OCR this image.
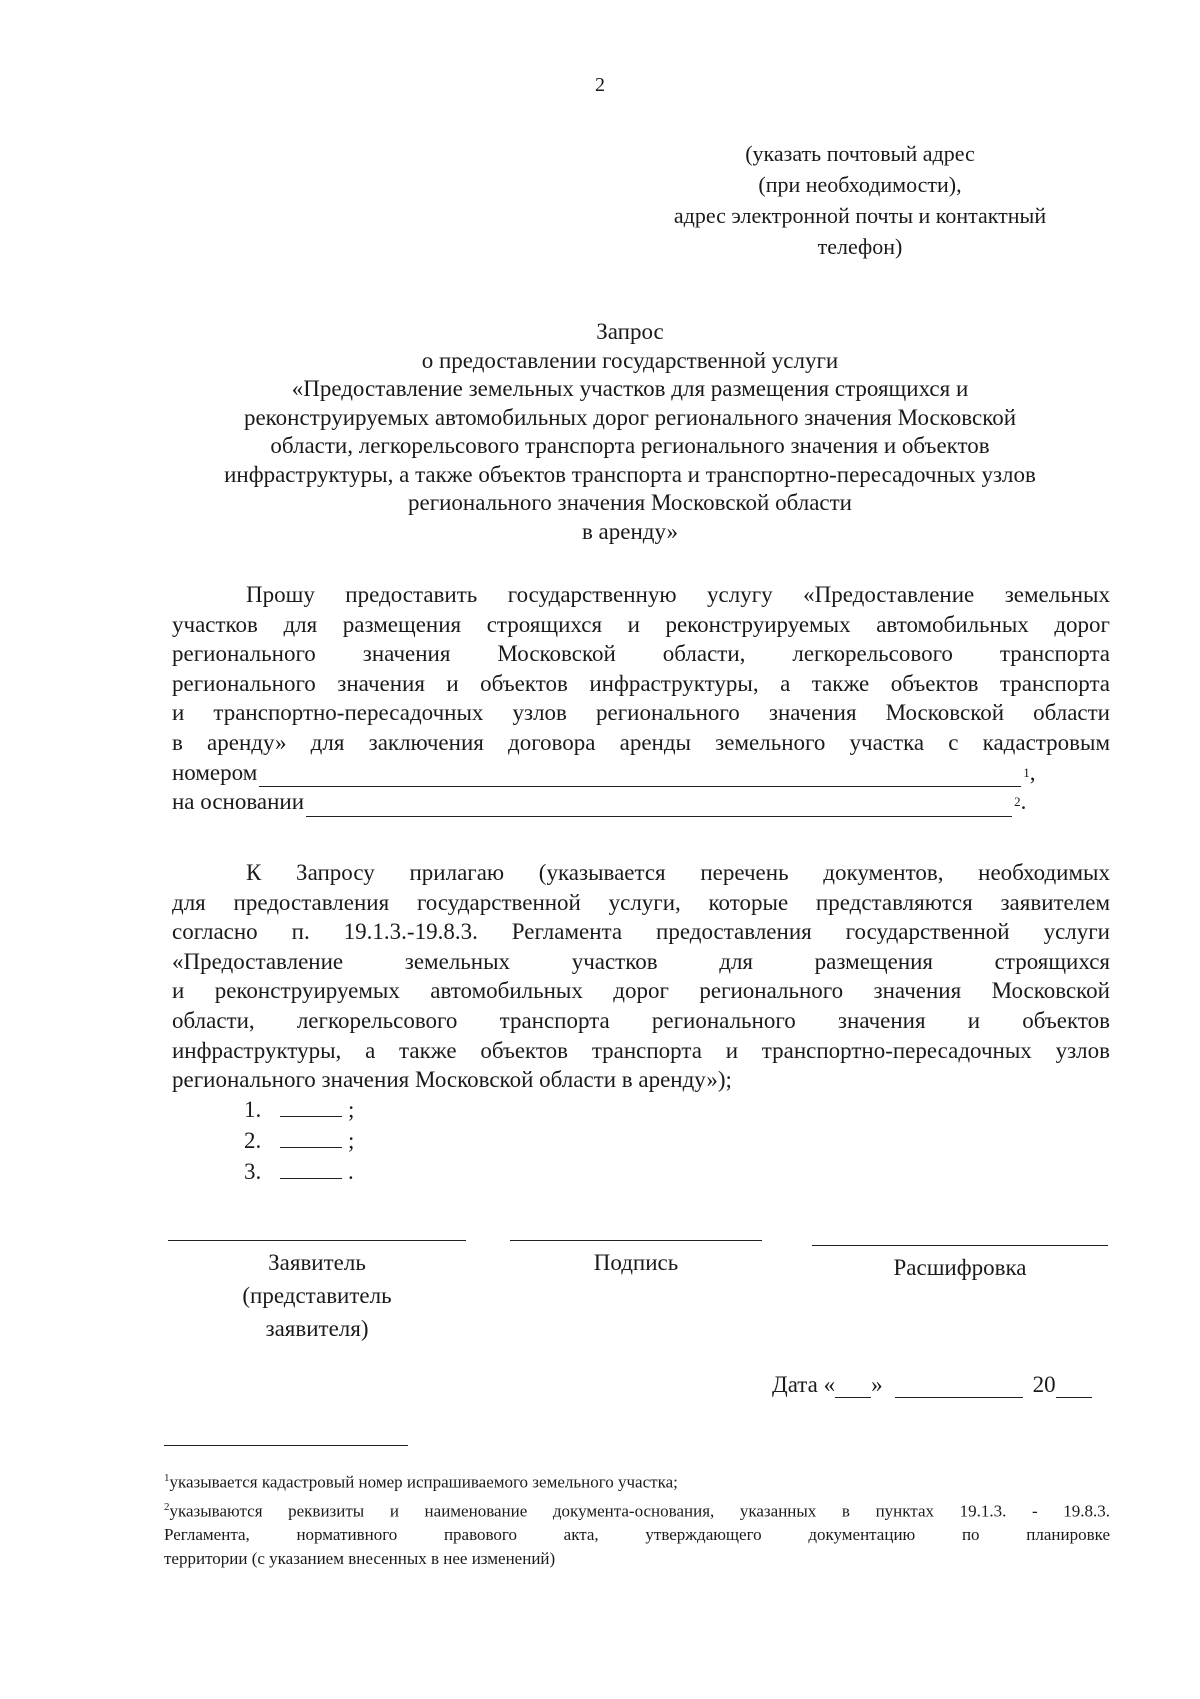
2
(указать почтовый адрес
(при необходимости),
адрес электронной почты и контактный
телефон)
Запрос
о предоставлении государственной услуги
«Предоставление земельных участков для размещения строящихся и
реконструируемых автомобильных дорог регионального значения Московской
области, легкорельсового транспорта регионального значения и объектов
инфраструктуры, а также объектов транспорта и транспортно-пересадочных узлов
регионального значения Московской области
в аренду»
Прошу предоставить государственную услугу «Предоставление земельных
участков для размещения строящихся и реконструируемых автомобильных дорог
регионального значения Московской области, легкорельсового транспорта
регионального значения и объектов инфраструктуры, а также объектов транспорта
и транспортно-пересадочных узлов регионального значения Московской области
в аренду» для заключения договора аренды земельного участка с кадастровым
номером	1 ,
на основании	2 .
К Запросу прилагаю (указывается перечень документов, необходимых
для предоставления государственной услуги, которые представляются заявителем
согласно п. 19.1.3.-19.8.3. Регламента предоставления государственной услуги
«Предоставление земельных участков для размещения строящихся
и реконструируемых автомобильных дорог регионального значения Московской
области, легкорельсового транспорта регионального значения и объектов
инфраструктуры, а также объектов транспорта и транспортно-пересадочных узлов
регионального значения Московской области в аренду»);
1.	;
2.	;
3.	.
Заявитель
(представитель
заявителя)
Подпись	Расшифровка
Дата « »	20
$^1$указывается кадастровый номер испрашиваемого земельного участка;
$^2$указываются реквизиты и наименование документа-основания, указанных в пунктах 19.1.3. - 19.8.3.
Регламента, нормативного правового акта, утверждающего документацию по планировке
территории (с указанием внесенных в нее изменений)
